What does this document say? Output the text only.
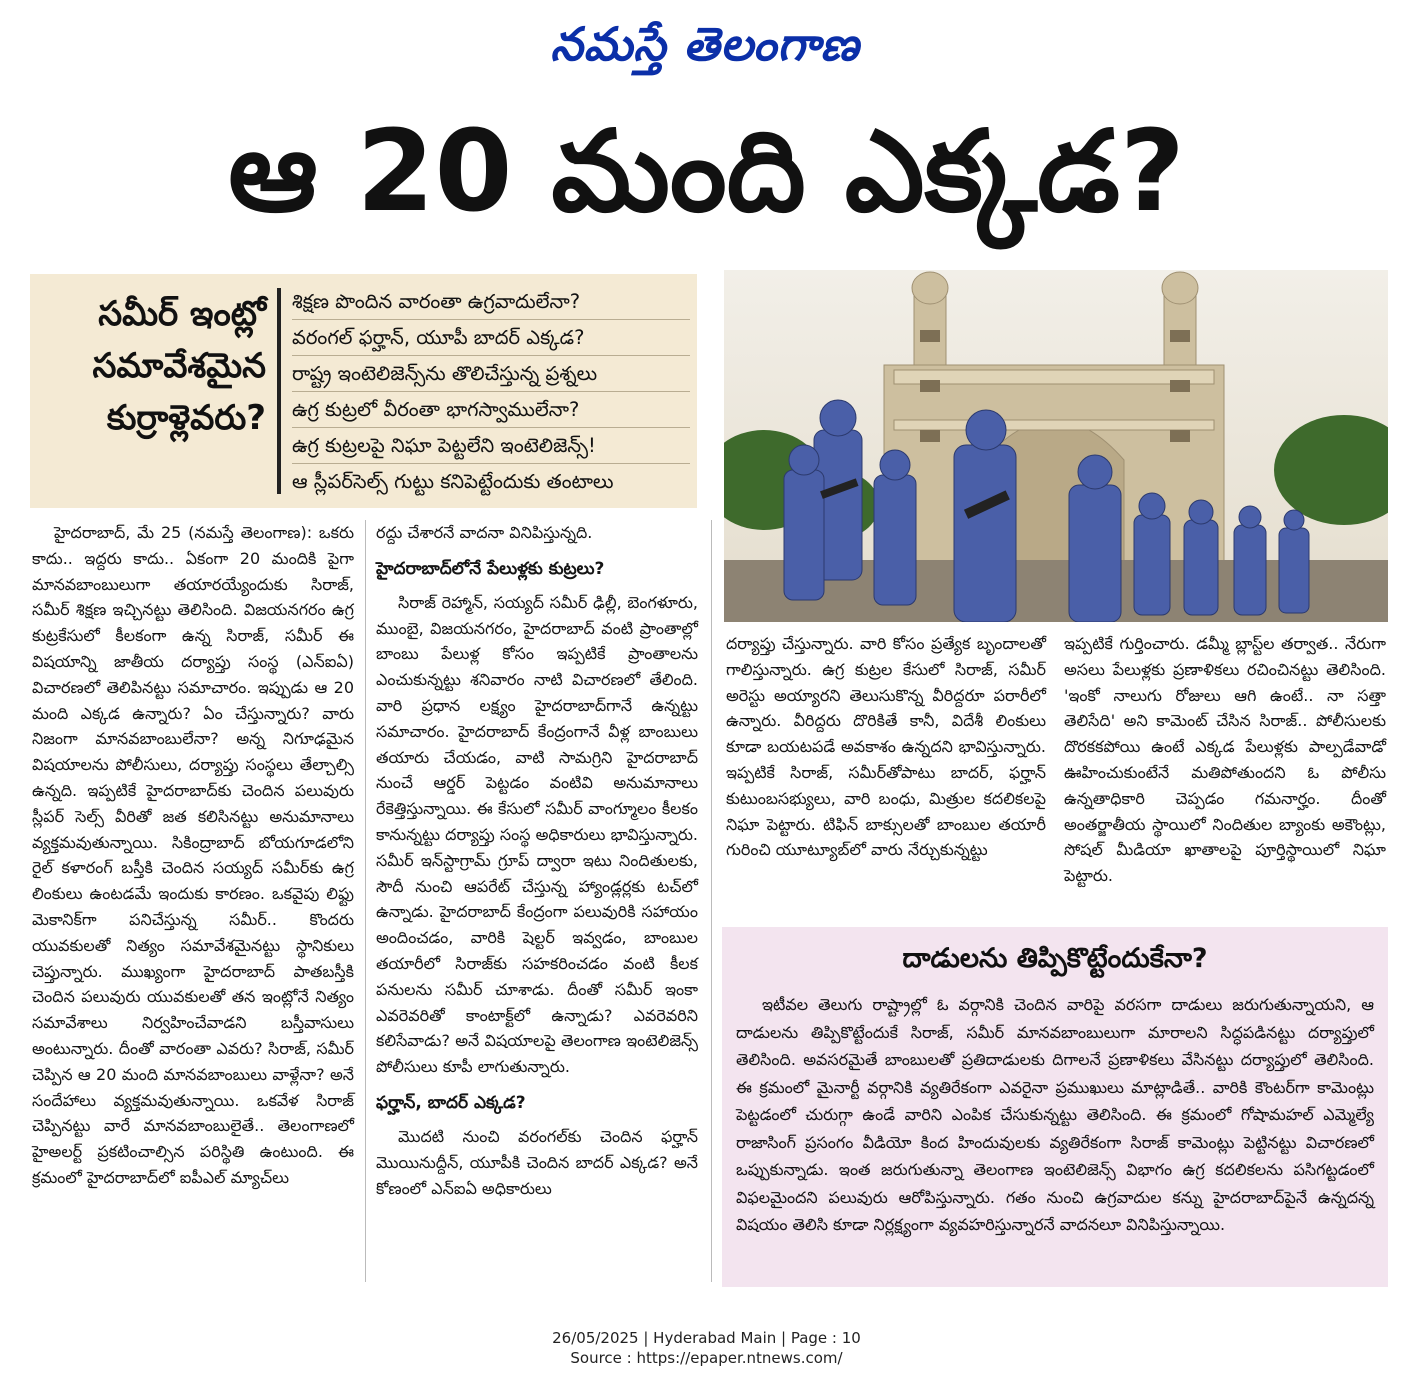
నమస్తే తెలంగాణ
ఆ 20 మంది ఎక్కడ?
సమీర్ ఇంట్లో సమావేశమైన కుర్రాళ్లెవరు?
శిక్షణ పొందిన వారంతా ఉగ్రవాదులేనా?
వరంగల్ ఫర్హాన్, యూపీ బాదర్ ఎక్కడ?
రాష్ట్ర ఇంటెలిజెన్స్‌ను తొలిచేస్తున్న ప్రశ్నలు
ఉగ్ర కుట్రలో వీరంతా భాగస్వాములేనా?
ఉగ్ర కుట్రలపై నిఘా పెట్టలేని ఇంటెలిజెన్స్!
ఆ స్లీపర్‌సెల్స్ గుట్టు కనిపెట్టేందుకు తంటాలు

హైదరాబాద్, మే 25 (నమస్తే తెలంగాణ): ఒకరు కాదు.. ఇద్దరు కాదు.. ఏకంగా 20 మందికి పైగా మానవబాంబులుగా తయారయ్యేందుకు సిరాజ్, సమీర్ శిక్షణ ఇచ్చినట్టు తెలిసింది. విజయనగరం ఉగ్ర కుట్రకేసులో కీలకంగా ఉన్న సిరాజ్, సమీర్ ఈ విషయాన్ని జాతీయ దర్యాప్తు సంస్థ (ఎన్ఐఏ) విచారణలో తెలిపినట్టు సమాచారం. ఇప్పుడు ఆ 20 మంది ఎక్కడ ఉన్నారు? ఏం చేస్తున్నారు? వారు నిజంగా మానవబాంబులేనా? అన్న నిగూఢమైన విషయాలను పోలీసులు, దర్యాప్తు సంస్థలు తేల్చాల్సి ఉన్నది. ఇప్పటికే హైదరాబాద్‌కు చెందిన పలువురు స్లీపర్ సెల్స్ వీరితో జత కలిసినట్టు అనుమానాలు వ్యక్తమవుతున్నాయి. సికింద్రాబాద్ బోయగూడలోని రైల్ కళారంగ్ బస్తీకి చెందిన సయ్యద్ సమీర్‌కు ఉగ్ర లింకులు ఉంటడమే ఇందుకు కారణం. ఒకవైపు లిఫ్టు మెకానిక్‌గా పనిచేస్తున్న సమీర్.. కొందరు యువకులతో నిత్యం సమావేశమైనట్టు స్థానికులు చెప్తున్నారు. ముఖ్యంగా హైదరాబాద్ పాతబస్తీకి చెందిన పలువురు యువకులతో తన ఇంట్లోనే నిత్యం సమావేశాలు నిర్వహించేవాడని బస్తీవాసులు అంటున్నారు. దీంతో వారంతా ఎవరు? సిరాజ్, సమీర్ చెప్పిన ఆ 20 మంది మానవబాంబులు వాళ్లేనా? అనే సందేహాలు వ్యక్తమవుతున్నాయి. ఒకవేళ సిరాజ్ చెప్పినట్టు వారే మానవబాంబులైతే.. తెలంగాణలో హైఅలర్ట్ ప్రకటించాల్సిన పరిస్థితి ఉంటుంది. ఈ క్రమంలో హైదరాబాద్‌లో ఐపీఎల్ మ్యాచ్‌లు

రద్దు చేశారనే వాదనా వినిపిస్తున్నది.

హైదరాబాద్‌లోనే పేలుళ్లకు కుట్రలు?

సిరాజ్ రెహ్మాన్, సయ్యద్ సమీర్ ఢిల్లీ, బెంగళూరు, ముంబై, విజయనగరం, హైదరాబాద్ వంటి ప్రాంతాల్లో బాంబు పేలుళ్ల కోసం ఇప్పటికే ప్రాంతాలను ఎంచుకున్నట్టు శనివారం నాటి విచారణలో తేలింది. వారి ప్రధాన లక్ష్యం హైదరాబాద్‌గానే ఉన్నట్టు సమాచారం. హైదరాబాద్ కేంద్రంగానే వీళ్ల బాంబులు తయారు చేయడం, వాటి సామగ్రిని హైదరాబాద్ నుంచే ఆర్డర్ పెట్టడం వంటివి అనుమానాలు రేకెత్తిస్తున్నాయి. ఈ కేసులో సమీర్ వాంగ్మూలం కీలకం కానున్నట్టు దర్యాప్తు సంస్థ అధికారులు భావిస్తున్నారు. సమీర్ ఇన్‌స్టాగ్రామ్ గ్రూప్ ద్వారా ఇటు నిందితులకు, సౌదీ నుంచి ఆపరేట్ చేస్తున్న హ్యాండ్లర్లకు టచ్‌లో ఉన్నాడు. హైదరాబాద్ కేంద్రంగా పలువురికి సహాయం అందించడం, వారికి షెల్టర్ ఇవ్వడం, బాంబుల తయారీలో సిరాజ్‌కు సహకరించడం వంటి కీలక పనులను సమీర్ చూశాడు. దీంతో సమీర్ ఇంకా ఎవరెవరితో కాంటాక్ట్‌లో ఉన్నాడు? ఎవరెవరిని కలిసేవాడు? అనే విషయాలపై తెలంగాణ ఇంటెలిజెన్స్ పోలీసులు కూపీ లాగుతున్నారు.

ఫర్హాన్, బాదర్ ఎక్కడ?

మొదటి నుంచి వరంగల్‌కు చెందిన ఫర్హాన్ మొయినుద్దీన్, యూపీకి చెందిన బాదర్ ఎక్కడ? అనే కోణంలో ఎన్ఐఏ అధికారులు

దర్యాప్తు చేస్తున్నారు. వారి కోసం ప్రత్యేక బృందాలతో గాలిస్తున్నారు. ఉగ్ర కుట్రల కేసులో సిరాజ్, సమీర్ అరెస్టు అయ్యారని తెలుసుకొన్న వీరిద్దరూ పరారీలో ఉన్నారు. వీరిద్దరు దొరికితే కానీ, విదేశీ లింకులు కూడా బయటపడే అవకాశం ఉన్నదని భావిస్తున్నారు. ఇప్పటికే సిరాజ్, సమీర్‌తోపాటు బాదర్, ఫర్హాన్ కుటుంబసభ్యులు, వారి బంధు, మిత్రుల కదలికలపై నిఘా పెట్టారు. టిఫిన్ బాక్సులతో బాంబుల తయారీ గురించి యూట్యూబ్‌లో వారు నేర్చుకున్నట్టు

ఇప్పటికే గుర్తించారు. డమ్మీ బ్లాస్ట్‌ల తర్వాత.. నేరుగా అసలు పేలుళ్లకు ప్రణాళికలు రచించినట్టు తెలిసింది. 'ఇంకో నాలుగు రోజులు ఆగి ఉంటే.. నా సత్తా తెలిసేది' అని కామెంట్ చేసిన సిరాజ్.. పోలీసులకు దొరకకపోయి ఉంటే ఎక్కడ పేలుళ్లకు పాల్పడేవాడో ఊహించుకుంటేనే మతిపోతుందని ఓ పోలీసు ఉన్నతాధికారి చెప్పడం గమనార్హం. దీంతో అంతర్జాతీయ స్థాయిలో నిందితుల బ్యాంకు అకౌంట్లు, సోషల్ మీడియా ఖాతాలపై పూర్తిస్థాయిలో నిఘా పెట్టారు.

దాడులను తిప్పికొట్టేందుకేనా?

ఇటీవల తెలుగు రాష్ట్రాల్లో ఓ వర్గానికి చెందిన వారిపై వరసగా దాడులు జరుగుతున్నాయని, ఆ దాడులను తిప్పికొట్టేందుకే సిరాజ్, సమీర్ మానవబాంబులుగా మారాలని సిద్ధపడినట్టు దర్యాప్తులో తెలిసింది. అవసరమైతే బాంబులతో ప్రతిదాడులకు దిగాలనే ప్రణాళికలు వేసినట్టు దర్యాప్తులో తెలిసింది. ఈ క్రమంలో మైనార్టీ వర్గానికి వ్యతిరేకంగా ఎవరైనా ప్రముఖులు మాట్లాడితే.. వారికి కౌంటర్‌గా కామెంట్లు పెట్టడంలో చురుగ్గా ఉండే వారిని ఎంపిక చేసుకున్నట్టు తెలిసింది. ఈ క్రమంలో గోషామహల్ ఎమ్మెల్యే రాజాసింగ్ ప్రసంగం వీడియో కింద హిందువులకు వ్యతిరేకంగా సిరాజ్ కామెంట్లు పెట్టినట్టు విచారణలో ఒప్పుకున్నాడు. ఇంత జరుగుతున్నా తెలంగాణ ఇంటెలిజెన్స్ విభాగం ఉగ్ర కదలికలను పసిగట్టడంలో విఫలమైందని పలువురు ఆరోపిస్తున్నారు. గతం నుంచి ఉగ్రవాదుల కన్ను హైదరాబాద్‌పైనే ఉన్నదన్న విషయం తెలిసి కూడా నిర్లక్ష్యంగా వ్యవహరిస్తున్నారనే వాదనలూ వినిపిస్తున్నాయి.

26/05/2025 | Hyderabad Main | Page : 10
Source : https://epaper.ntnews.com/
